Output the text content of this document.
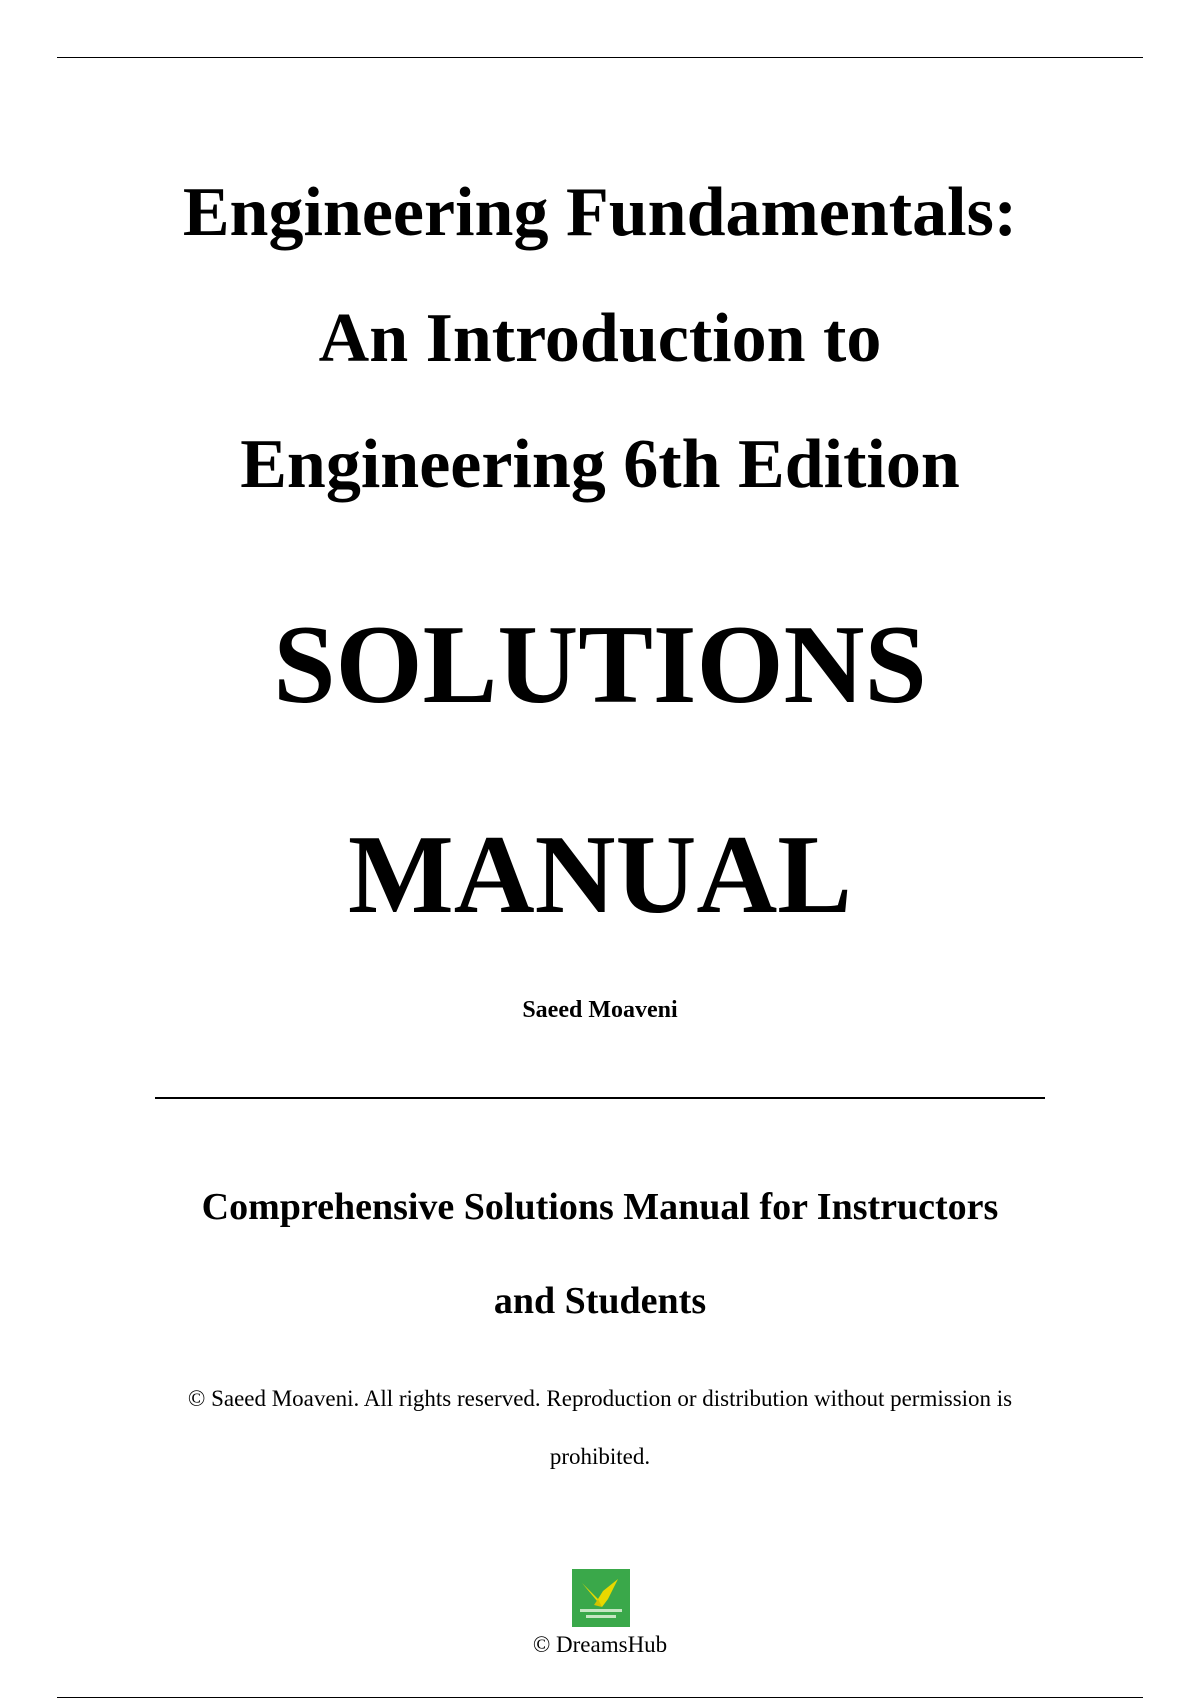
Engineering Fundamentals:
An Introduction to
Engineering 6th Edition
SOLUTIONS
MANUAL
Saeed Moaveni
Comprehensive Solutions Manual for Instructors
and Students
© Saeed Moaveni. All rights reserved. Reproduction or distribution without permission is
prohibited.
© DreamsHub
